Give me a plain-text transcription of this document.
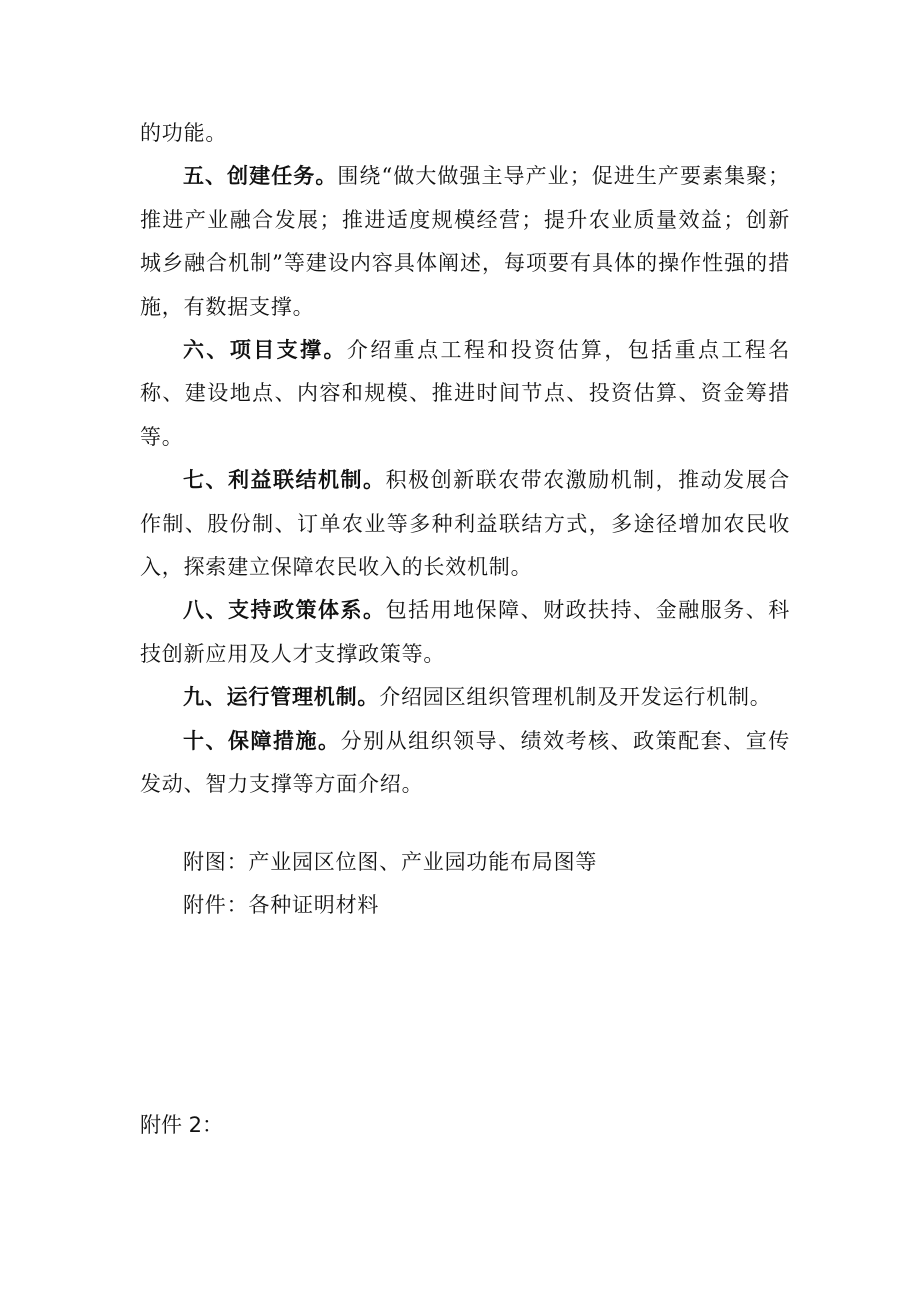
的功能。

五、创建任务。围绕“做大做强主导产业；促进生产要素集聚；推进产业融合发展；推进适度规模经营；提升农业质量效益；创新城乡融合机制”等建设内容具体阐述，每项要有具体的操作性强的措施，有数据支撑。

六、项目支撑。介绍重点工程和投资估算，包括重点工程名称、建设地点、内容和规模、推进时间节点、投资估算、资金筹措等。

七、利益联结机制。积极创新联农带农激励机制，推动发展合作制、股份制、订单农业等多种利益联结方式，多途径增加农民收入，探索建立保障农民收入的长效机制。

八、支持政策体系。包括用地保障、财政扶持、金融服务、科技创新应用及人才支撑政策等。

九、运行管理机制。介绍园区组织管理机制及开发运行机制。

十、保障措施。分别从组织领导、绩效考核、政策配套、宣传发动、智力支撑等方面介绍。

附图：产业园区位图、产业园功能布局图等

附件：各种证明材料

附件 2：
